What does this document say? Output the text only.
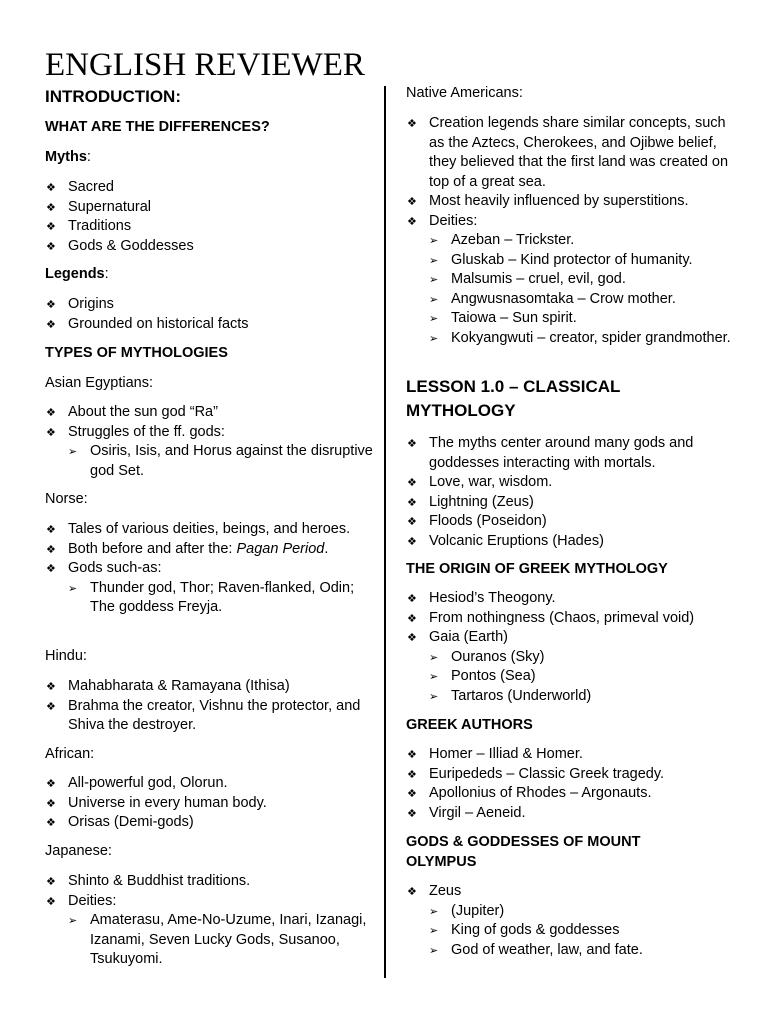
ENGLISH REVIEWER
INTRODUCTION:
WHAT ARE THE DIFFERENCES?
Myths:
❖ Sacred
❖ Supernatural
❖ Traditions
❖ Gods & Goddesses
Legends:
❖ Origins
❖ Grounded on historical facts
TYPES OF MYTHOLOGIES
Asian Egyptians:
❖ About the sun god “Ra”
❖ Struggles of the ff. gods:
➢ Osiris, Isis, and Horus against the disruptive god Set.
Norse:
❖ Tales of various deities, beings, and heroes.
❖ Both before and after the: Pagan Period.
❖ Gods such-as:
➢ Thunder god, Thor; Raven-flanked, Odin; The goddess Freyja.
Hindu:
❖ Mahabharata & Ramayana (Ithisa)
❖ Brahma the creator, Vishnu the protector, and Shiva the destroyer.
African:
❖ All-powerful god, Olorun.
❖ Universe in every human body.
❖ Orisas (Demi-gods)
Japanese:
❖ Shinto & Buddhist traditions.
❖ Deities:
➢ Amaterasu, Ame-No-Uzume, Inari, Izanagi, Izanami, Seven Lucky Gods, Susanoo, Tsukuyomi.
Native Americans:
❖ Creation legends share similar concepts, such as the Aztecs, Cherokees, and Ojibwe belief, they believed that the first land was created on top of a great sea.
❖ Most heavily influenced by superstitions.
❖ Deities:
➢ Azeban – Trickster.
➢ Gluskab – Kind protector of humanity.
➢ Malsumis – cruel, evil, god.
➢ Angwusnasomtaka – Crow mother.
➢ Taiowa – Sun spirit.
➢ Kokyangwuti – creator, spider grandmother.
LESSON 1.0 – CLASSICAL MYTHOLOGY
❖ The myths center around many gods and goddesses interacting with mortals.
❖ Love, war, wisdom.
❖ Lightning (Zeus)
❖ Floods (Poseidon)
❖ Volcanic Eruptions (Hades)
THE ORIGIN OF GREEK MYTHOLOGY
❖ Hesiod’s Theogony.
❖ From nothingness (Chaos, primeval void)
❖ Gaia (Earth)
➢ Ouranos (Sky)
➢ Pontos (Sea)
➢ Tartaros (Underworld)
GREEK AUTHORS
❖ Homer – Illiad & Homer.
❖ Euripededs – Classic Greek tragedy.
❖ Apollonius of Rhodes – Argonauts.
❖ Virgil – Aeneid.
GODS & GODDESSES OF MOUNT OLYMPUS
❖ Zeus
➢ (Jupiter)
➢ King of gods & goddesses
➢ God of weather, law, and fate.
